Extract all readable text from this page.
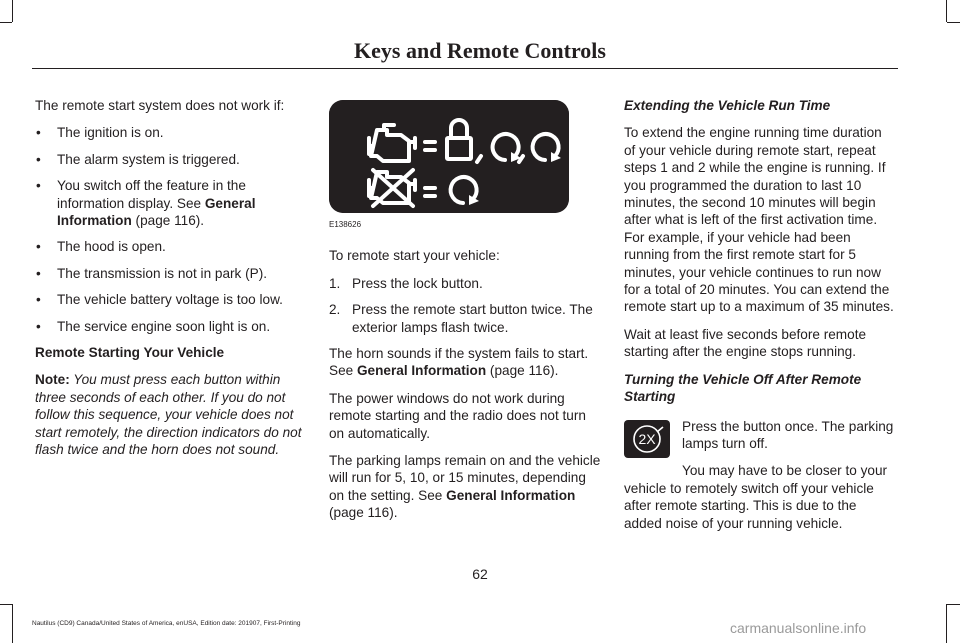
Keys and Remote Controls

The remote start system does not work if:

• The ignition is on.
• The alarm system is triggered.
• You switch off the feature in the information display. See General Information (page 116).
• The hood is open.
• The transmission is not in park (P).
• The vehicle battery voltage is too low.
• The service engine soon light is on.

Remote Starting Your Vehicle

Note: You must press each button within three seconds of each other. If you do not follow this sequence, your vehicle does not start remotely, the direction indicators do not flash twice and the horn does not sound.

E138626

To remote start your vehicle:

1. Press the lock button.
2. Press the remote start button twice. The exterior lamps flash twice.

The horn sounds if the system fails to start. See General Information (page 116).

The power windows do not work during remote starting and the radio does not turn on automatically.

The parking lamps remain on and the vehicle will run for 5, 10, or 15 minutes, depending on the setting. See General Information
(page 116).

Extending the Vehicle Run Time

To extend the engine running time duration of your vehicle during remote start, repeat steps 1 and 2 while the engine is running. If you programmed the duration to last 10 minutes, the second 10 minutes will begin after what is left of the first activation time. For example, if your vehicle had been running from the first remote start for 5 minutes, your vehicle continues to run now for a total of 20 minutes. You can extend the remote start up to a maximum of 35 minutes.

Wait at least five seconds before remote starting after the engine stops running.

Turning the Vehicle Off After Remote Starting

2X

Press the button once. The parking lamps turn off.

You may have to be closer to your vehicle to remotely switch off your vehicle after remote starting. This is due to the added noise of your running vehicle.

62
Nautilus (CD9) Canada/United States of America, enUSA, Edition date: 201907, First-Printing	carmanualsonline.info
